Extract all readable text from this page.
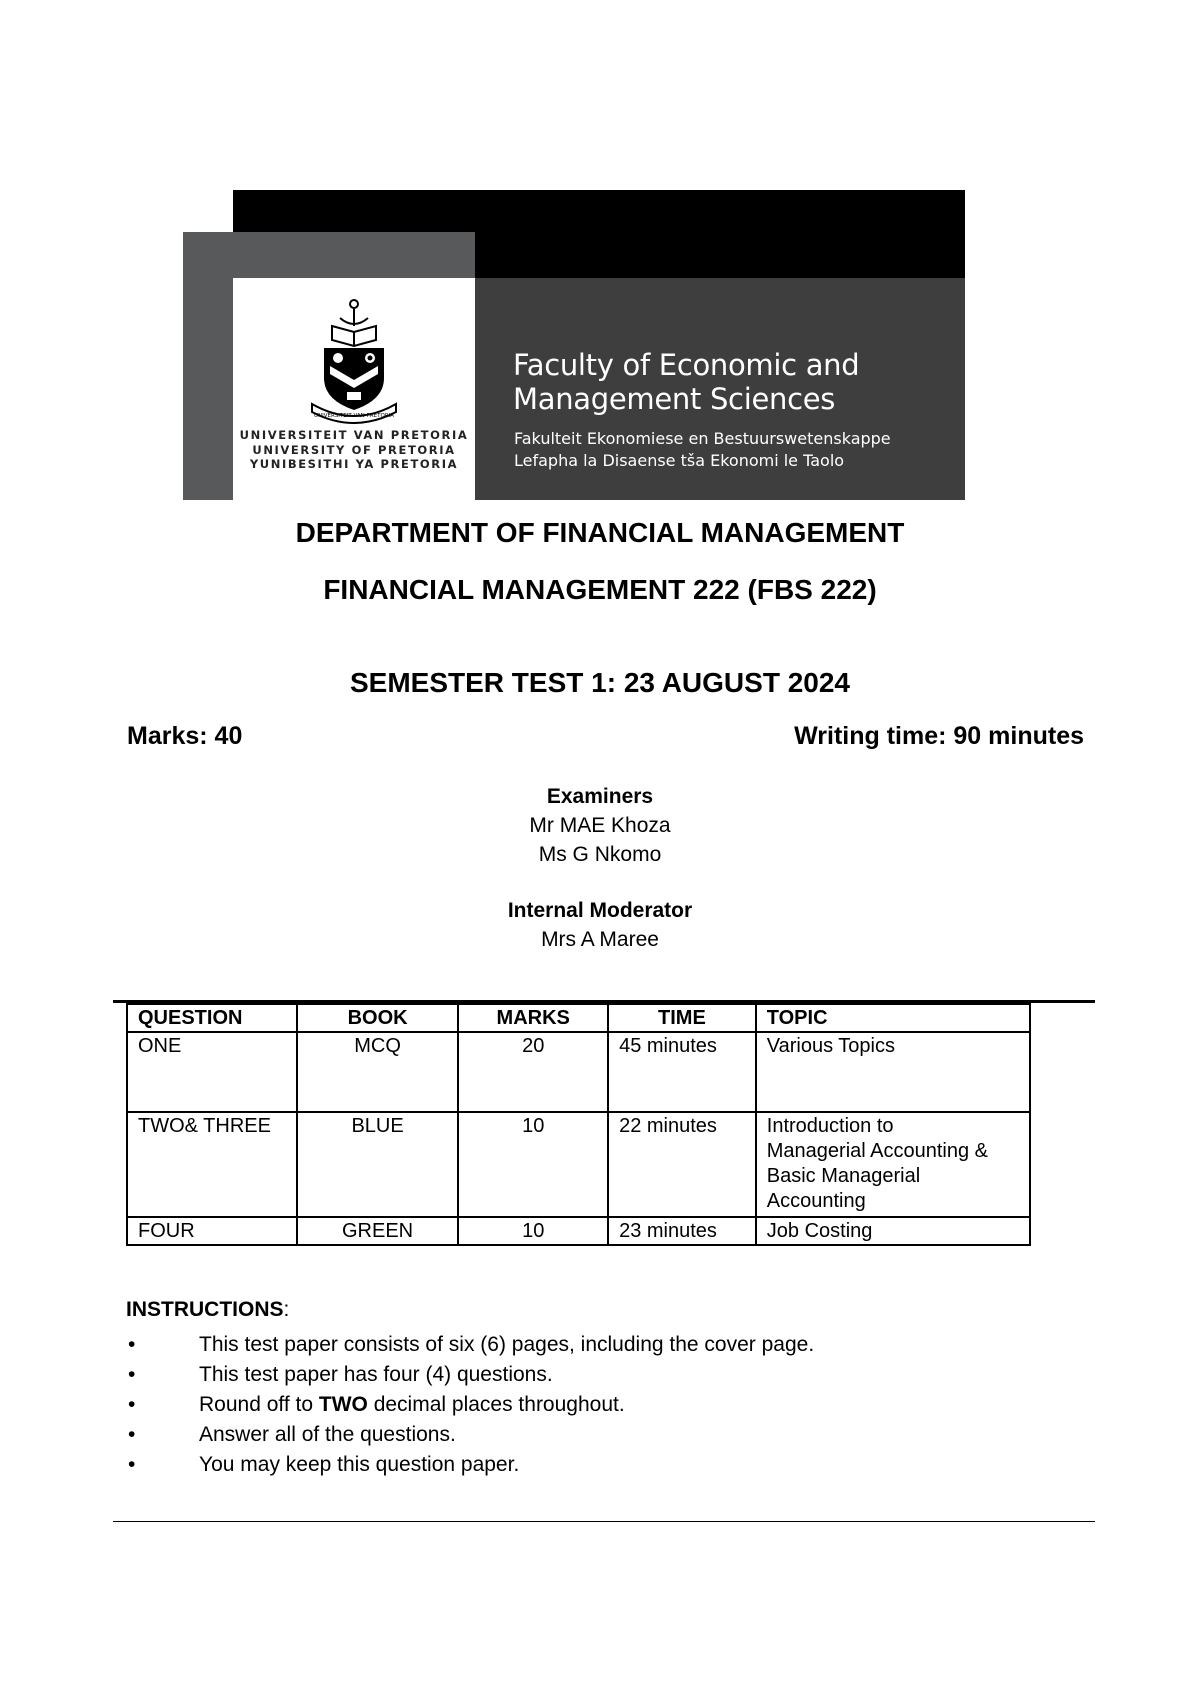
UNIVERSITEIT VAN PRETORIA
UNIVERSITEIT VAN PRETORIA
UNIVERSITY OF PRETORIA
YUNIBESITHI YA PRETORIA
Faculty of Economic and
Management Sciences
Fakulteit Ekonomiese en Bestuurswetenskappe
Lefapha la Disaense tša Ekonomi le Taolo
DEPARTMENT OF FINANCIAL MANAGEMENT
FINANCIAL MANAGEMENT 222 (FBS 222)
SEMESTER TEST 1: 23 AUGUST 2024
Marks: 40	Writing time: 90 minutes
Examiners
Mr MAE Khoza
Ms G Nkomo
Internal Moderator
Mrs A Maree
QUESTION	BOOK	MARKS	TIME	TOPIC
ONE	MCQ	20	45 minutes	Various Topics

TWO& THREE	BLUE	10	22 minutes	Introduction to
Managerial Accounting &
Basic Managerial
Accounting

FOUR	GREEN	10	23 minutes	Job Costing
INSTRUCTIONS:
•	This test paper consists of six (6) pages, including the cover page.
•	This test paper has four (4) questions.
•	Round off to TWO decimal places throughout.
•	Answer all of the questions.
•	You may keep this question paper.
